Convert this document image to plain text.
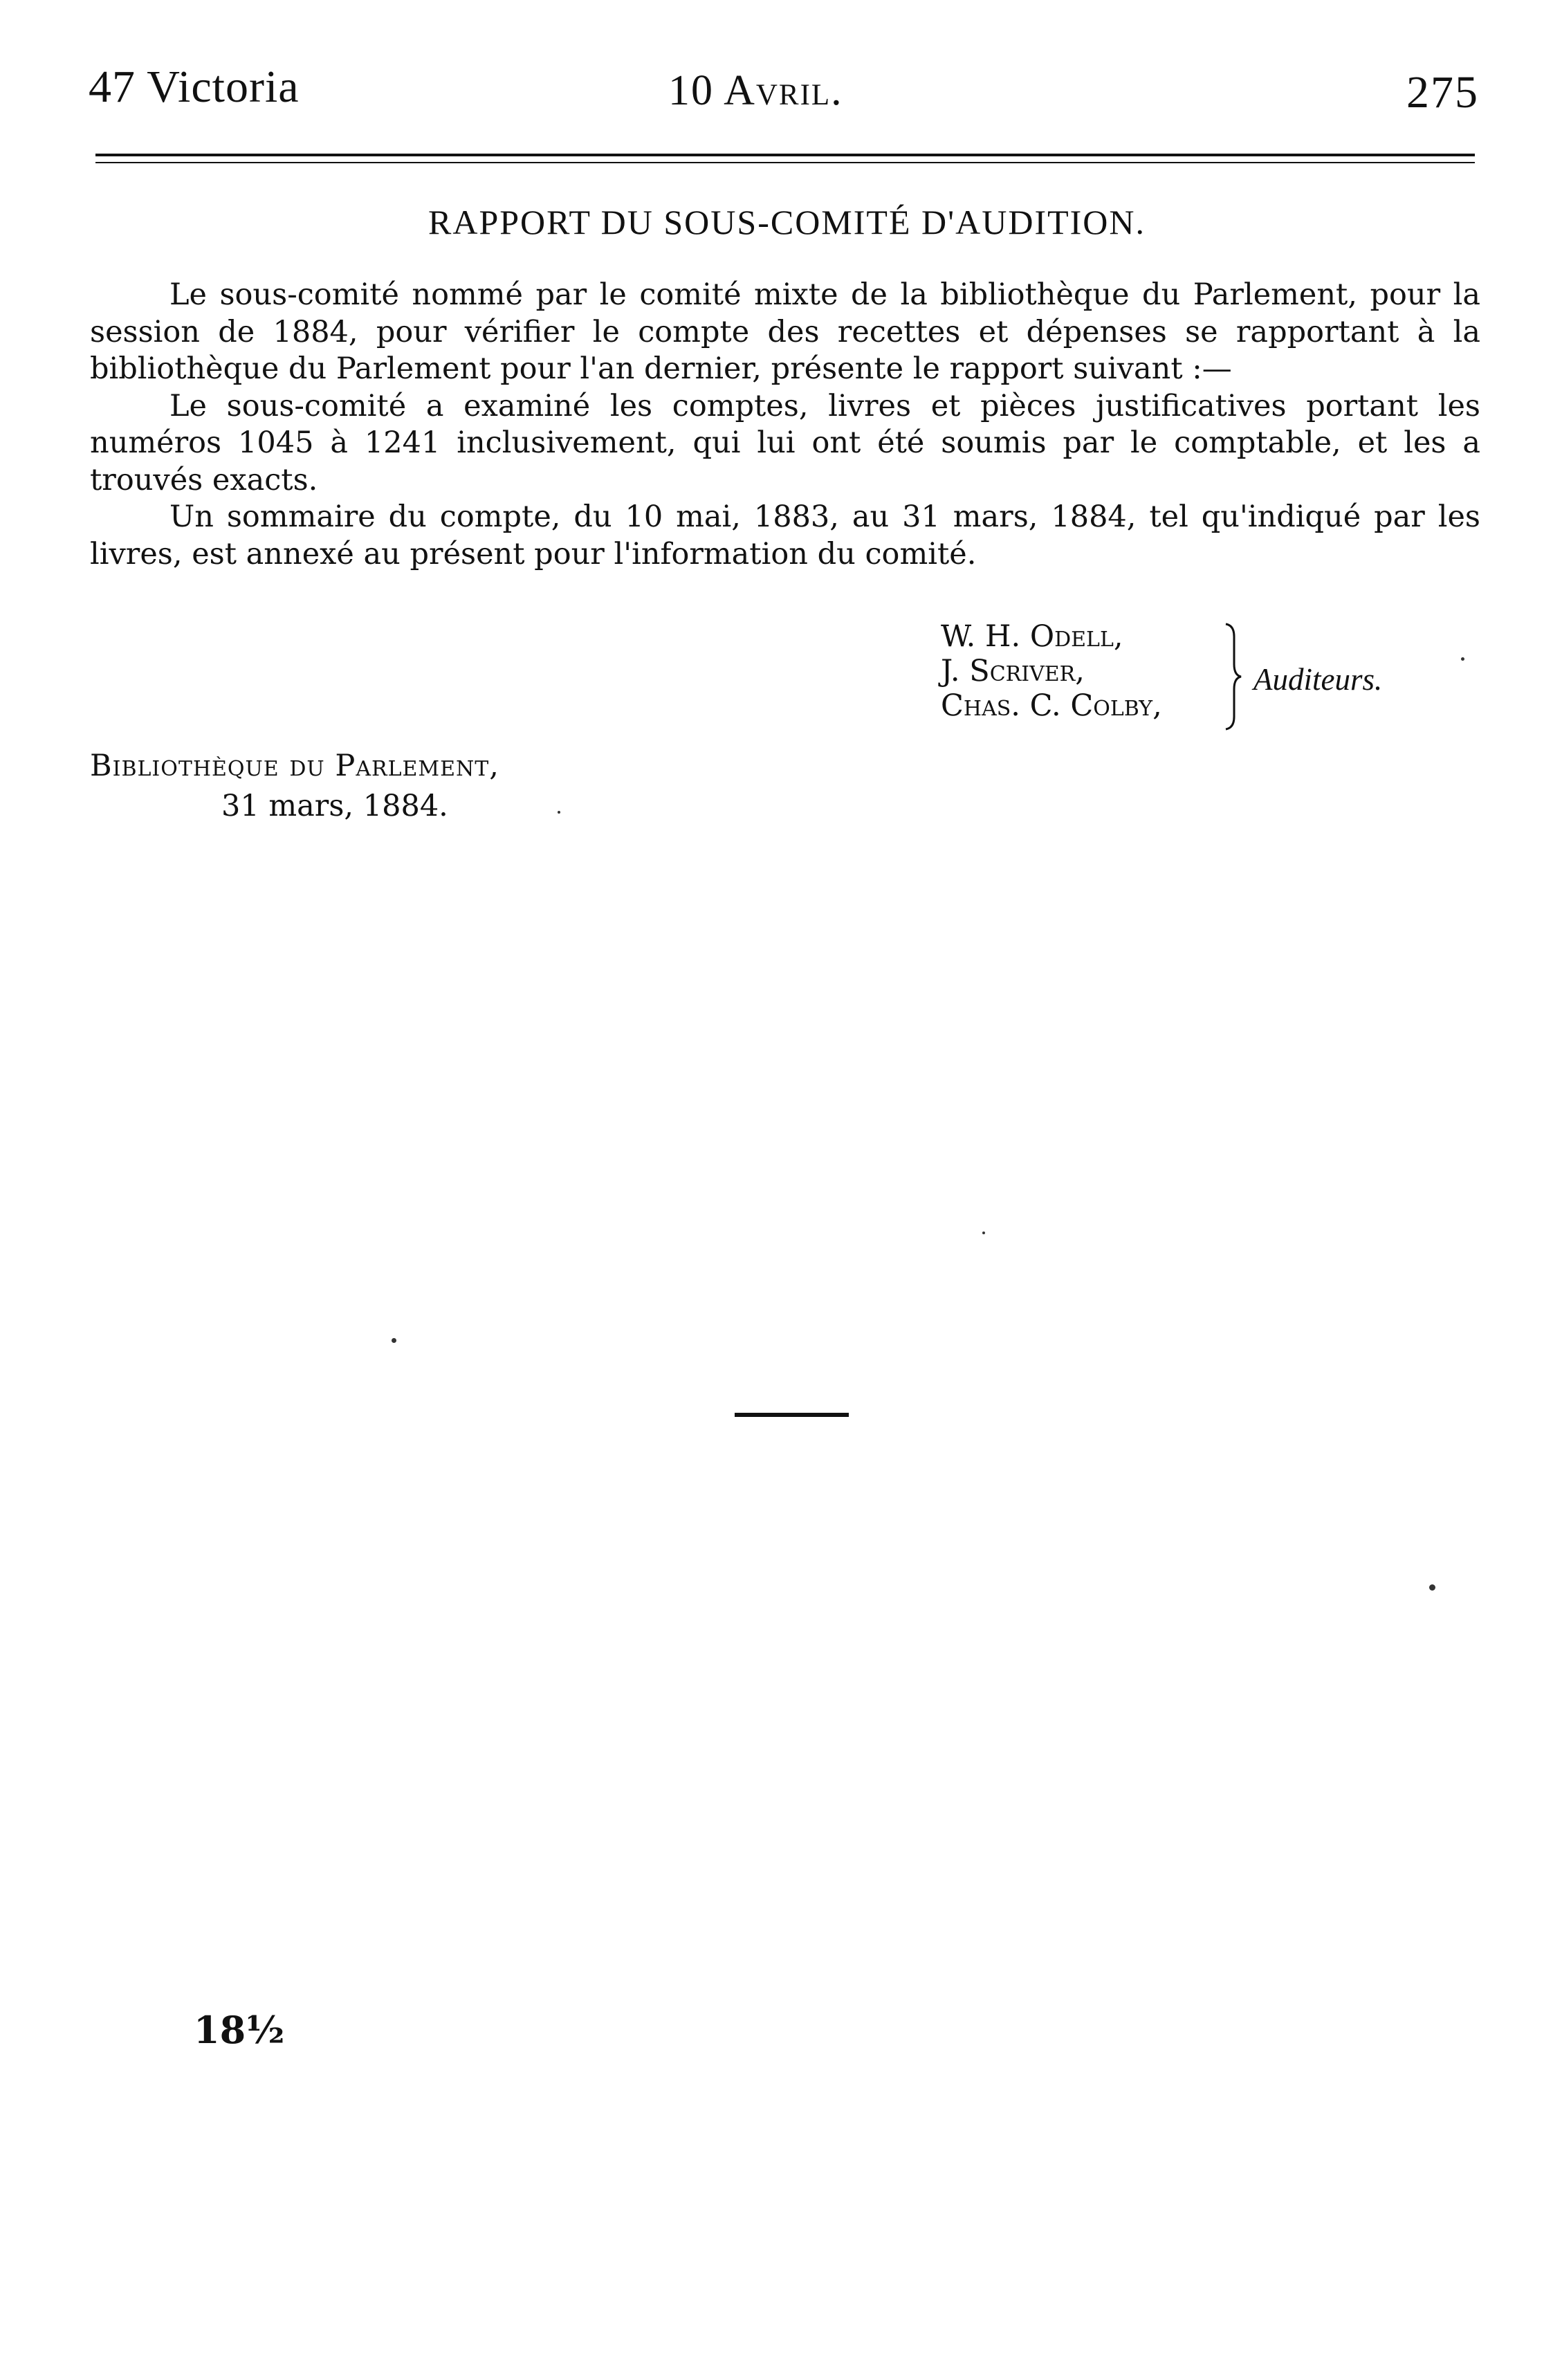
47 Victoria	10 Avril.	275
RAPPORT DU SOUS-COMITÉ D'AUDITION.

Le sous-comité nommé par le comité mixte de la bibliothèque du Parlement, pour la session de 1884, pour vérifier le compte des recettes et dépenses se rapportant à la bibliothèque du Parlement pour l'an dernier, présente le rapport suivant :—

Le sous-comité a examiné les comptes, livres et pièces justificatives portant les numéros 1045 à 1241 inclusivement, qui lui ont été soumis par le comptable, et les a trouvés exacts.

Un sommaire du compte, du 10 mai, 1883, au 31 mars, 1884, tel qu'indiqué par les livres, est annexé au présent pour l'information du comité.

W. H. Odell,
J. Scriver,
Chas. C. Colby,
Auditeurs.
Bibliothèque du Parlement,
31 mars, 1884.
18½
